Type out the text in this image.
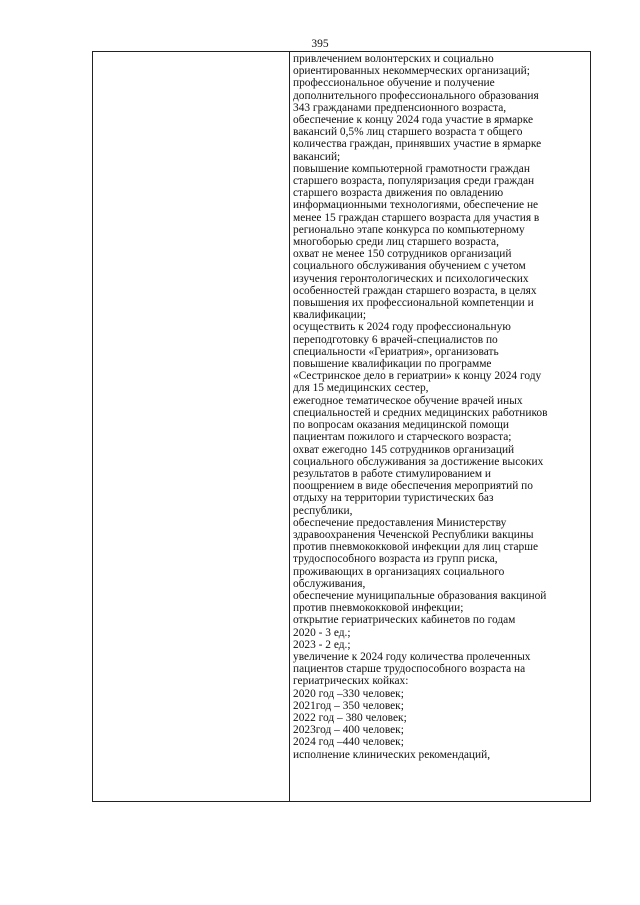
395

привлечением волонтерских и социально
ориентированных некоммерческих организаций;
профессиональное обучение и получение
дополнительного профессионального образования
343 гражданами предпенсионного возраста,
обеспечение к концу 2024 года участие в ярмарке
вакансий 0,5% лиц старшего возраста т общего
количества граждан, принявших участие в ярмарке
вакансий;
повышение компьютерной грамотности граждан
старшего возраста, популяризация среди граждан
старшего возраста движения по овладению
информационными технологиями, обеспечение не
менее 15 граждан старшего возраста для участия в
регионально этапе конкурса по компьютерному
многоборью среди лиц старшего возраста,
охват не менее 150 сотрудников организаций
социального обслуживания обучением с учетом
изучения геронтологических и психологических
особенностей граждан старшего возраста, в целях
повышения их профессиональной компетенции и
квалификации;
осуществить к 2024 году профессиональную
переподготовку 6 врачей-специалистов по
специальности «Гериатрия», организовать
повышение квалификации по программе
«Сестринское дело в гериатрии» к концу 2024 году
для 15 медицинских сестер,
ежегодное тематическое обучение врачей иных
специальностей и средних медицинских работников
по вопросам оказания медицинской помощи
пациентам пожилого и старческого возраста;
охват ежегодно 145 сотрудников организаций
социального обслуживания за достижение высоких
результатов в работе стимулированием и
поощрением в виде обеспечения мероприятий по
отдыху на территории туристических баз
республики,
обеспечение предоставления Министерству
здравоохранения Чеченской Республики вакцины
против пневмококковой инфекции для лиц старше
трудоспособного возраста из групп риска,
проживающих в организациях социального
обслуживания,
обеспечение муниципальные образования вакциной
против пневмококковой инфекции;
открытие гериатрических кабинетов по годам
2020 - 3 ед.;
2023 - 2 ед.;
увеличение к 2024 году количества пролеченных
пациентов старше трудоспособного возраста на
гериатрических койках:
2020 год –330 человек;
2021год – 350 человек;
2022 год – 380 человек;
2023год – 400 человек;
2024 год –440 человек;
исполнение клинических рекомендаций,
